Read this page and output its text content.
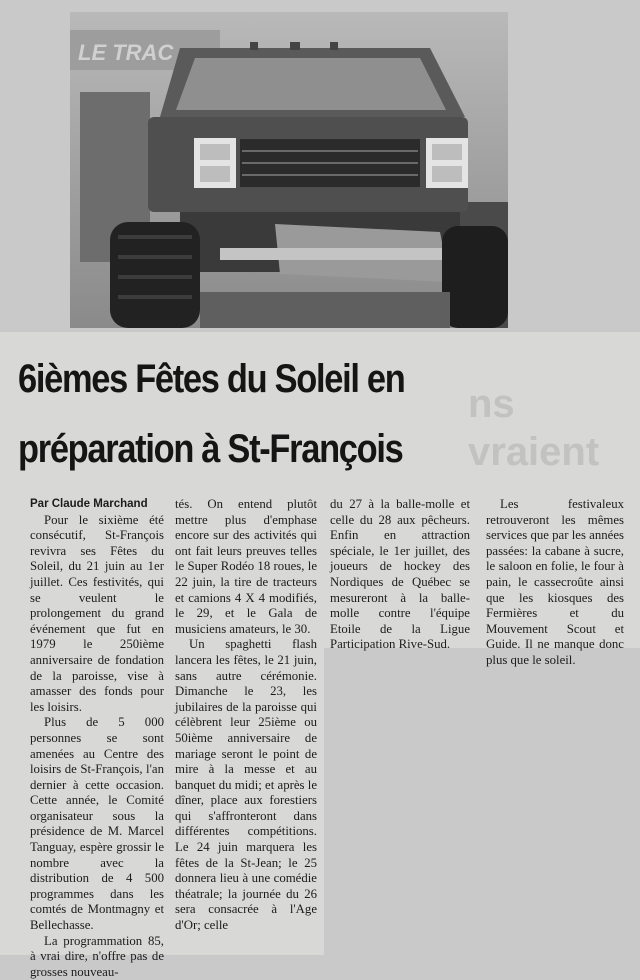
LE TRAC
ns
vraient
6ièmes Fêtes du Soleil en
préparation à St-François

Par Claude Marchand

Pour le sixième été consécutif, St-François revivra ses Fêtes du Soleil, du 21 juin au 1er juillet. Ces festivités, qui se veulent le prolongement du grand événement que fut en 1979 le 250ième anniversaire de fondation de la paroisse, vise à amasser des fonds pour les loisirs.

Plus de 5 000 personnes se sont amenées au Centre des loisirs de St-François, l'an dernier à cette occasion. Cette année, le Comité organisateur sous la présidence de M. Marcel Tanguay, espère grossir le nombre avec la distribution de 4 500 programmes dans les comtés de Montmagny et Bellechasse.

La programmation 85, à vrai dire, n'offre pas de grosses nouveau-

tés. On entend plutôt mettre plus d'emphase encore sur des activités qui ont fait leurs preuves telles le Super Rodéo 18 roues, le 22 juin, la tire de tracteurs et camions 4 X 4 modifiés, le 29, et le Gala de musiciens amateurs, le 30.

Un spaghetti flash lancera les fêtes, le 21 juin, sans autre cérémonie. Dimanche le 23, les jubilaires de la paroisse qui célèbrent leur 25ième ou 50ième anniversaire de mariage seront le point de mire à la messe et au banquet du midi; et après le dîner, place aux forestiers qui s'affronteront dans différentes compétitions. Le 24 juin marquera les fêtes de la St-Jean; le 25 donnera lieu à une comédie théatrale; la journée du 26 sera consacrée à l'Age d'Or; celle

du 27 à la balle-molle et celle du 28 aux pêcheurs. Enfin en attraction spéciale, le 1er juillet, des joueurs de hockey des Nordiques de Québec se mesureront à la balle-molle contre l'équipe Etoile de la Ligue Participation Rive-Sud.

Les festivaleux retrouveront les mêmes services que par les années passées: la cabane à sucre, le saloon en folie, le four à pain, le cassecroûte ainsi que les kiosques des Fermières et du Mouvement Scout et Guide. Il ne manque donc plus que le soleil.
